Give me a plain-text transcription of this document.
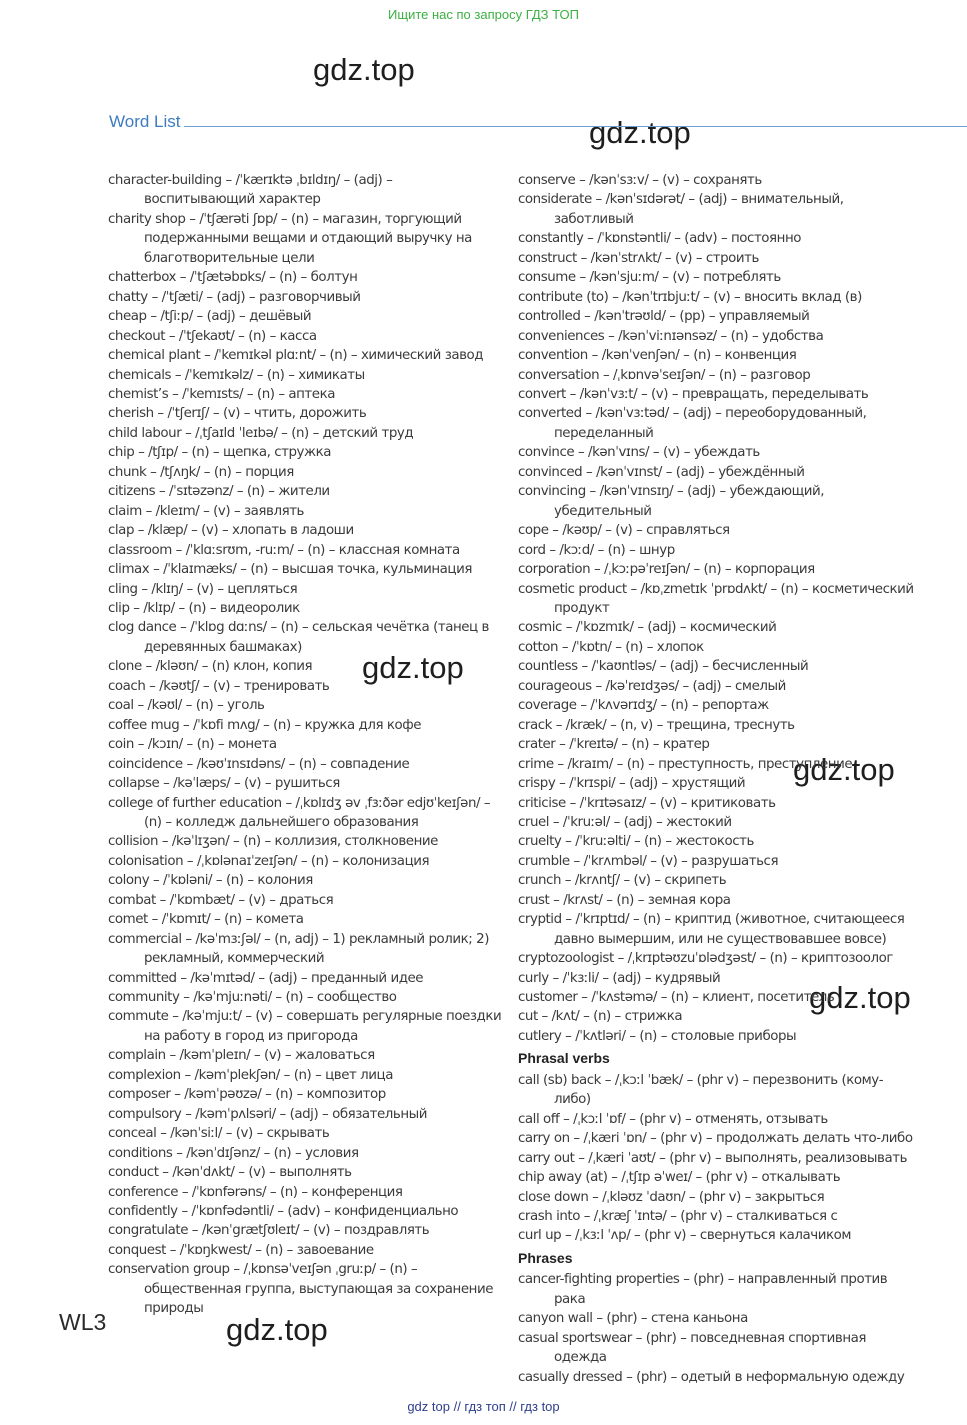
Ищите нас по запросу ГДЗ ТОП
gdz.top
gdz.top
gdz.top
gdz.top
gdz.top
gdz.top
Word List
character-building – /ˈkærɪktə ˌbɪldɪŋ/ – (adj) – воспитывающий характер
charity shop – /ˈtʃærəti ʃɒp/ – (n) – магазин, торгующий подержанными вещами и отдающий выручку на благотворительные цели
chatterbox – /ˈtʃætəbɒks/ – (n) – болтун
chatty – /ˈtʃæti/ – (adj) – разговорчивый
cheap – /tʃiːp/ – (adj) – дешёвый
checkout – /ˈtʃekaʊt/ – (n) – касса
chemical plant – /ˈkemɪkəl plɑːnt/ – (n) – химический завод
chemicals – /ˈkemɪkəlz/ – (n) – химикаты
chemist’s – /ˈkemɪsts/ – (n) – аптека
cherish – /ˈtʃerɪʃ/ – (v) – чтить, дорожить
child labour – /ˌtʃaɪld ˈleɪbə/ – (n) – детский труд
chip – /tʃɪp/ – (n) – щепка, стружка
chunk – /tʃʌŋk/ – (n) – порция
citizens – /ˈsɪtəzənz/ – (n) – жители
claim – /kleɪm/ – (v) – заявлять
clap – /klæp/ – (v) – хлопать в ладоши
classroom – /ˈklɑːsrʊm, -ruːm/ – (n) – классная комната
climax – /ˈklaɪmæks/ – (n) – высшая точка, кульминация
cling – /klɪŋ/ – (v) – цепляться
clip – /klɪp/ – (n) – видеоролик
clog dance – /ˈklɒg dɑːns/ – (n) – сельская чечётка (танец в деревянных башмаках)
clone – /kləʊn/ – (n) клон, копия
coach – /kəʊtʃ/ – (v) – тренировать
coal – /kəʊl/ – (n) – уголь
coffee mug – /ˈkɒfi mʌg/ – (n) – кружка для кофе
coin – /kɔɪn/ – (n) – монета
coincidence – /kəʊˈɪnsɪdəns/ – (n) – совпадение
collapse – /kəˈlæps/ – (v) – рушиться
college of further education – /ˌkɒlɪdʒ əv ˌfɜːðər edjʊˈkeɪʃən/ – (n) – колледж дальнейшего образования
collision – /kəˈlɪʒən/ – (n) – коллизия, столкновение
colonisation – /ˌkɒlənaɪˈzeɪʃən/ – (n) – колонизация
colony – /ˈkɒləni/ – (n) – колония
combat – /ˈkɒmbæt/ – (v) – драться
comet – /ˈkɒmɪt/ – (n) – комета
commercial – /kəˈmɜːʃəl/ – (n, adj) – 1) рекламный ролик; 2) рекламный, коммерческий
committed – /kəˈmɪtəd/ – (adj) – преданный идее
community – /kəˈmjuːnəti/ – (n) – сообщество
commute – /kəˈmjuːt/ – (v) – совершать регулярные поездки на работу в город из пригорода
complain – /kəmˈpleɪn/ – (v) – жаловаться
complexion – /kəmˈplekʃən/ – (n) – цвет лица
composer – /kəmˈpəʊzə/ – (n) – композитор
compulsory – /kəmˈpʌlsəri/ – (adj) – обязательный
conceal – /kənˈsiːl/ – (v) – скрывать
conditions – /kənˈdɪʃənz/ – (n) – условия
conduct – /kənˈdʌkt/ – (v) – выполнять
conference – /ˈkɒnfərəns/ – (n) – конференция
confidently – /ˈkɒnfədəntli/ – (adv) – конфиденциально
congratulate – /kənˈgrætʃʊleɪt/ – (v) – поздравлять
conquest – /ˈkɒŋkwest/ – (n) – завоевание
conservation group – /ˌkɒnsəˈveɪʃən ˌgruːp/ – (n) – общественная группа, выступающая за сохранение природы
conserve – /kənˈsɜːv/ – (v) – сохранять
considerate – /kənˈsɪdərət/ – (adj) – внимательный, заботливый
constantly – /ˈkɒnstəntli/ – (adv) – постоянно
construct – /kənˈstrʌkt/ – (v) – строить
consume – /kənˈsjuːm/ – (v) – потреблять
contribute (to) – /kənˈtrɪbjuːt/ – (v) – вносить вклад (в)
controlled – /kənˈtrəʊld/ – (pp) – управляемый
conveniences – /kənˈviːnɪənsəz/ – (n) – удобства
convention – /kənˈvenʃən/ – (n) – конвенция
conversation – /ˌkɒnvəˈseɪʃən/ – (n) – разговор
convert – /kənˈvɜːt/ – (v) – превращать, переделывать
converted – /kənˈvɜːtəd/ – (adj) – переоборудованный, переделанный
convince – /kənˈvɪns/ – (v) – убеждать
convinced – /kənˈvɪnst/ – (adj) – убеждённый
convincing – /kənˈvɪnsɪŋ/ – (adj) – убеждающий, убедительный
cope – /kəʊp/ – (v) – справляться
cord – /kɔːd/ – (n) – шнур
corporation – /ˌkɔːpəˈreɪʃən/ – (n) – корпорация
cosmetic product – /kɒˌzmetɪk ˈprɒdʌkt/ – (n) – косметический продукт
cosmic – /ˈkɒzmɪk/ – (adj) – космический
cotton – /ˈkɒtn/ – (n) – хлопок
countless – /ˈkaʊntləs/ – (adj) – бесчисленный
courageous – /kəˈreɪdʒəs/ – (adj) – смелый
coverage – /ˈkʌvərɪdʒ/ – (n) – репортаж
crack – /kræk/ – (n, v) – трещина, треснуть
crater – /ˈkreɪtə/ – (n) – кратер
crime – /kraɪm/ – (n) – преступность, преступление
crispy – /ˈkrɪspi/ – (adj) – хрустящий
criticise – /ˈkrɪtəsaɪz/ – (v) – критиковать
cruel – /ˈkruːəl/ – (adj) – жестокий
cruelty – /ˈkruːəlti/ – (n) – жестокость
crumble – /ˈkrʌmbəl/ – (v) – разрушаться
crunch – /krʌntʃ/ – (v) – скрипеть
crust – /krʌst/ – (n) – земная кора
cryptid – /ˈkrɪptɪd/ – (n) – криптид (животное, считающееся давно вымершим, или не существовавшее вовсе)
cryptozoologist – /ˌkrɪptəʊzuˈɒlədʒəst/ – (n) – криптозоолог
curly – /ˈkɜːli/ – (adj) – кудрявый
customer – /ˈkʌstəmə/ – (n) – клиент, посетитель
cut – /kʌt/ – (n) – стрижка
cutlery – /ˈkʌtləri/ – (n) – столовые приборы
Phrasal verbs
call (sb) back – /ˌkɔːl ˈbæk/ – (phr v) – перезвонить (кому-либо)
call off – /ˌkɔːl ˈɒf/ – (phr v) – отменять, отзывать
carry on – /ˌkæri ˈɒn/ – (phr v) – продолжать делать что-либо
carry out – /ˌkæri ˈaʊt/ – (phr v) – выполнять, реализовывать
chip away (at) – /ˌtʃɪp əˈweɪ/ – (phr v) – откалывать
close down – /ˌkləʊz ˈdaʊn/ – (phr v) – закрыться
crash into – /ˌkræʃ ˈɪntə/ – (phr v) – сталкиваться с
curl up – /ˌkɜːl ˈʌp/ – (phr v) – свернуться калачиком
Phrases
cancer-fighting properties – (phr) – направленный против рака
canyon wall – (phr) – стена каньона
casual sportswear – (phr) – повседневная спортивная одежда
casually dressed – (phr) – одетый в неформальную одежду
WL3
gdz top // гдз топ // гдз top
